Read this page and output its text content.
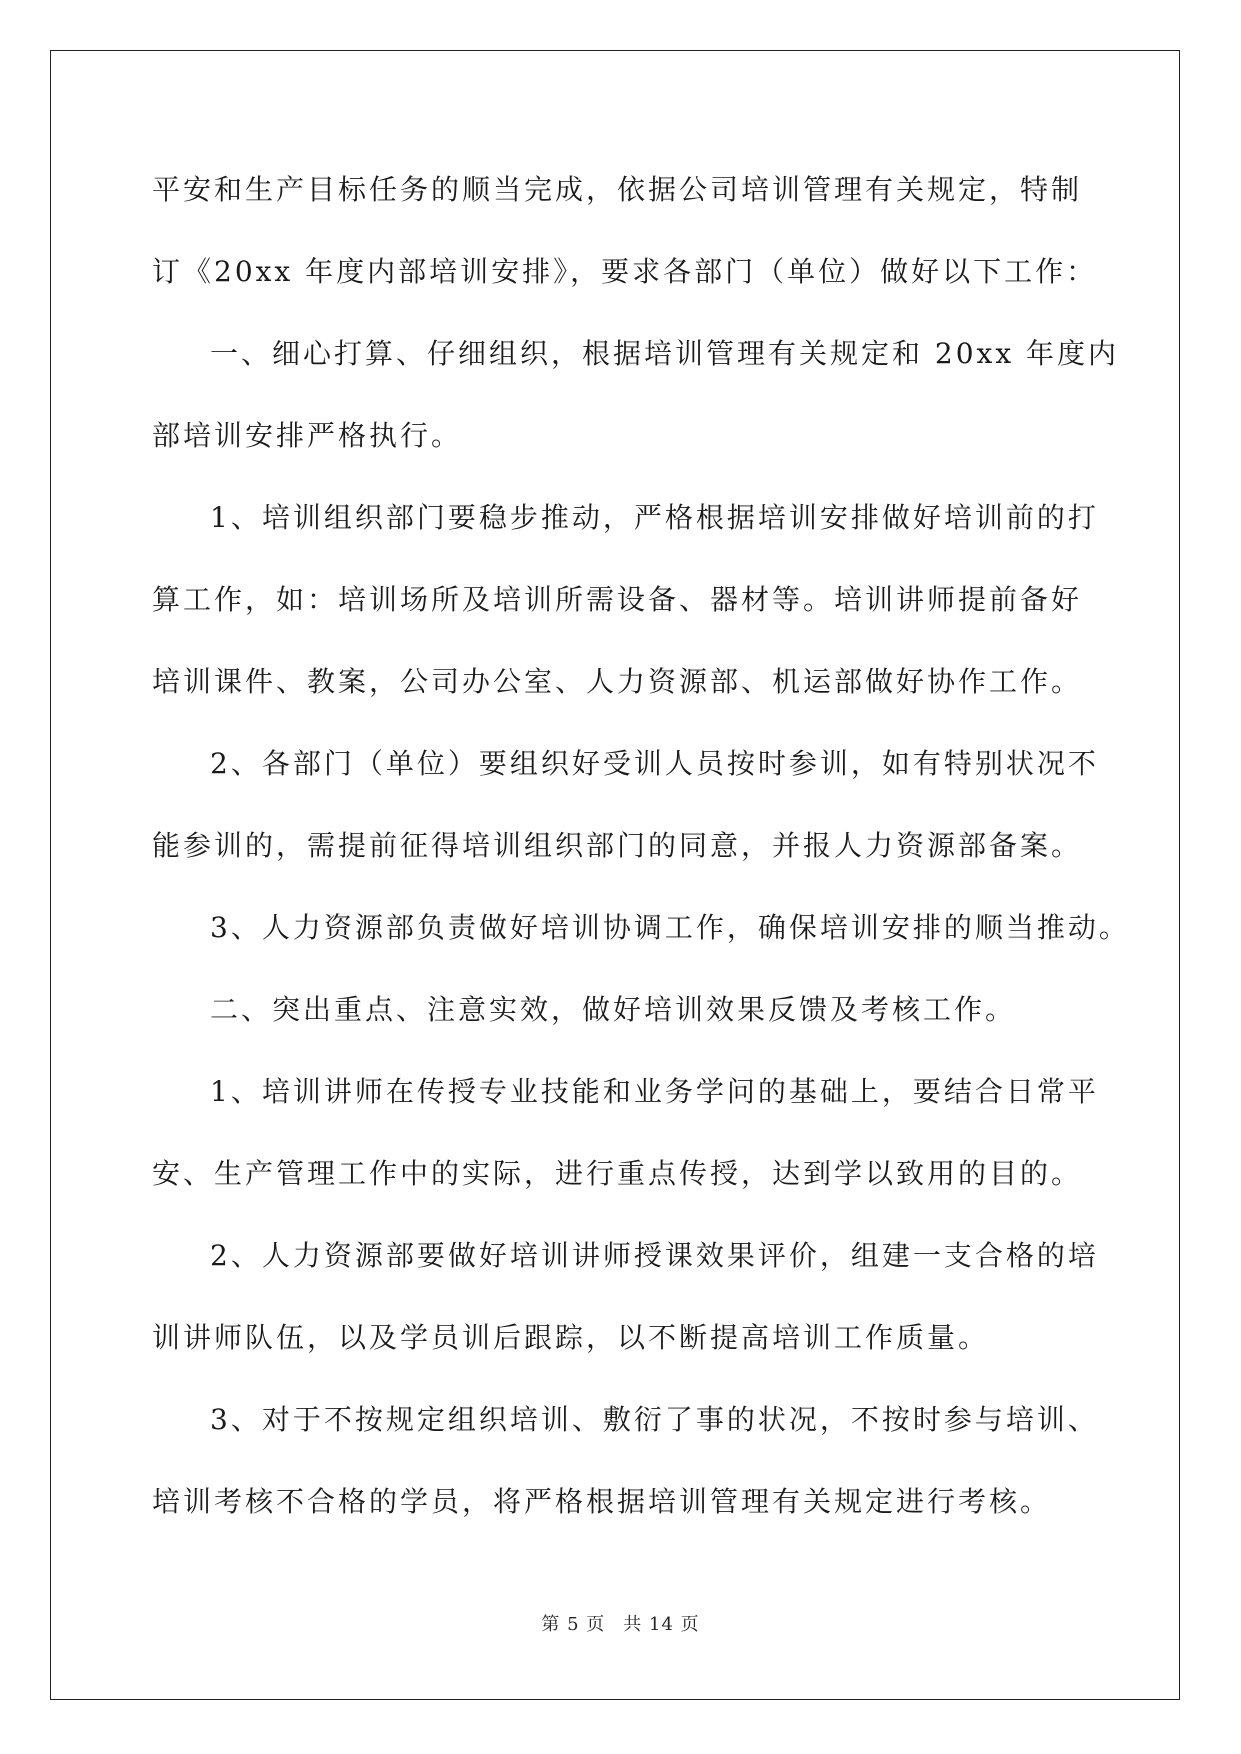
平安和生产目标任务的顺当完成，依据公司培训管理有关规定，特制
订《20xx 年度内部培训安排》，要求各部门（单位）做好以下工作：
一、细心打算、仔细组织，根据培训管理有关规定和 20xx 年度内
部培训安排严格执行。
1、培训组织部门要稳步推动，严格根据培训安排做好培训前的打
算工作，如：培训场所及培训所需设备、器材等。培训讲师提前备好
培训课件、教案，公司办公室、人力资源部、机运部做好协作工作。
2、各部门（单位）要组织好受训人员按时参训，如有特别状况不
能参训的，需提前征得培训组织部门的同意，并报人力资源部备案。
3、人力资源部负责做好培训协调工作，确保培训安排的顺当推动。
二、突出重点、注意实效，做好培训效果反馈及考核工作。
1、培训讲师在传授专业技能和业务学问的基础上，要结合日常平
安、生产管理工作中的实际，进行重点传授，达到学以致用的目的。
2、人力资源部要做好培训讲师授课效果评价，组建一支合格的培
训讲师队伍，以及学员训后跟踪，以不断提高培训工作质量。
3、对于不按规定组织培训、敷衍了事的状况，不按时参与培训、
培训考核不合格的学员，将严格根据培训管理有关规定进行考核。
第 5 页 共 14 页
